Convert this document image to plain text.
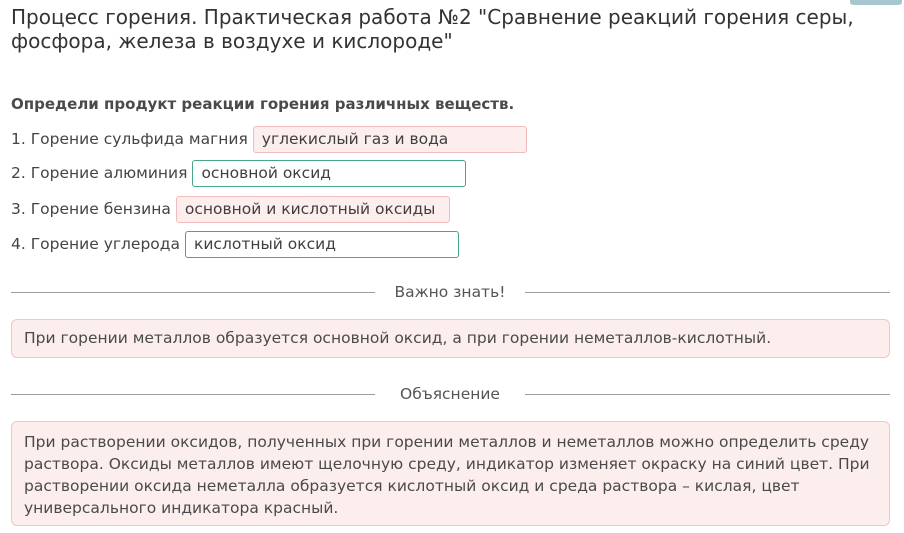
Процесс горения. Практическая работа №2 "Сравнение реакций горения серы, фосфора, железа в воздухе и кислороде"
Определи продукт реакции горения различных веществ.
1. Горение сульфида магния углекислый газ и вода
2. Горение алюминия основной оксид
3. Горение бензина основной и кислотный оксиды
4. Горение углерода кислотный оксид
Важно знать!
При горении металлов образуется основной оксид, а при горении неметаллов-кислотный.
Объяснение
При растворении оксидов, полученных при горении металлов и неметаллов можно определить среду раствора. Оксиды металлов имеют щелочную среду, индикатор изменяет окраску на синий цвет. При растворении оксида неметалла образуется кислотный оксид и среда раствора – кислая, цвет универсального индикатора красный.
